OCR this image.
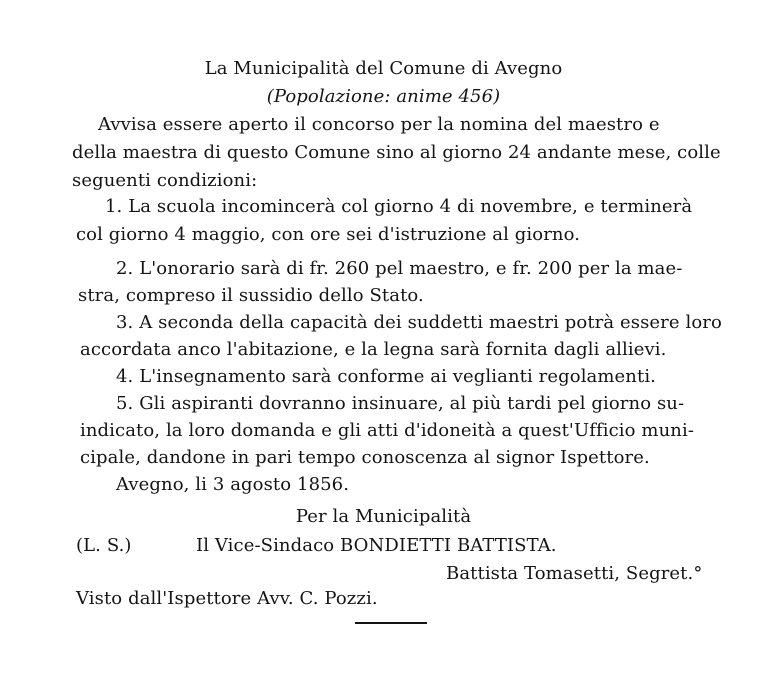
La Municipalità del Comune di Avegno
(Popolazione: anime 456)
Avvisa essere aperto il concorso per la nomina del maestro e
della maestra di questo Comune sino al giorno 24 andante mese, colle
seguenti condizioni:
1. La scuola incomincerà col giorno 4 di novembre, e terminerà
col giorno 4 maggio, con ore sei d'istruzione al giorno.
2. L'onorario sarà di fr. 260 pel maestro, e fr. 200 per la mae-
stra, compreso il sussidio dello Stato.
3. A seconda della capacità dei suddetti maestri potrà essere loro
accordata anco l'abitazione, e la legna sarà fornita dagli allievi.
4. L'insegnamento sarà conforme ai veglianti regolamenti.
5. Gli aspiranti dovranno insinuare, al più tardi pel giorno su-
indicato, la loro domanda e gli atti d'idoneità a quest'Ufficio muni-
cipale, dandone in pari tempo conoscenza al signor Ispettore.
Avegno, li 3 agosto 1856.
Per la Municipalità
(L. S.)	Il Vice-Sindaco BONDIETTI BATTISTA.
Battista Tomasetti, Segret.°
Visto dall'Ispettore Avv. C. Pozzi.
